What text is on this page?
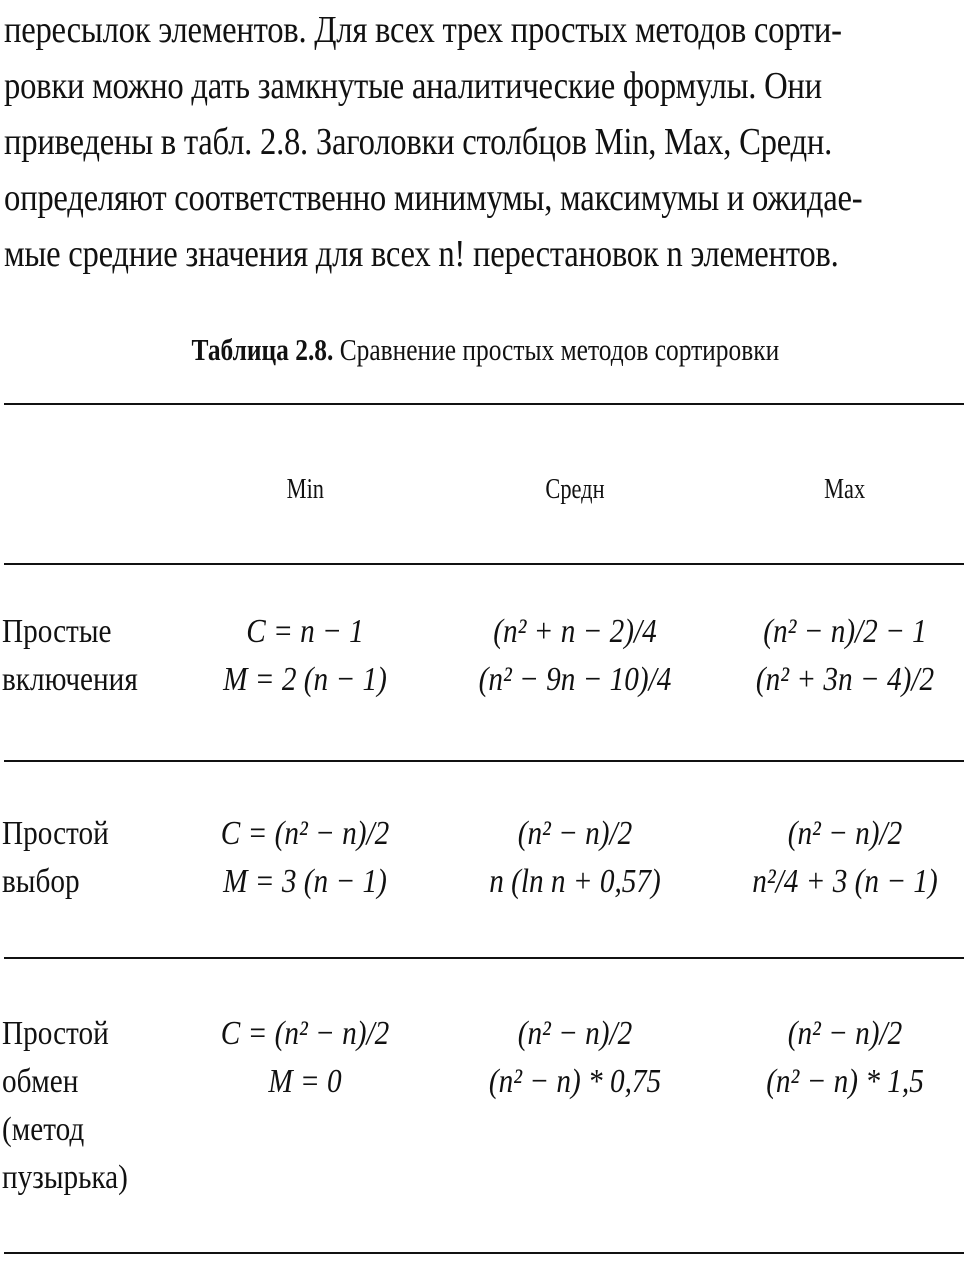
пересылок элементов. Для всех трех простых методов сорти-
ровки можно дать замкнутые аналитические формулы. Они
приведены в табл. 2.8. Заголовки столбцов Min, Max, Средн.
определяют соответственно минимумы, максимумы и ожидае-
мые средние значения для всех n! перестановок n элементов.
Таблица 2.8. Сравнение простых методов сортировки
Min	Средн	Max
Простые
включения
C = n − 1
M = 2 (n − 1)
(n² + n − 2)/4
(n² − 9n − 10)/4
(n² − n)/2 − 1
(n² + 3n − 4)/2
Простой
выбор
C = (n² − n)/2
M = 3 (n − 1)
(n² − n)/2
n (ln n + 0,57)
(n² − n)/2
n²/4 + 3 (n − 1)
Простой
обмен
(метод
пузырька)
C = (n² − n)/2
M = 0
(n² − n)/2
(n² − n) * 0,75
(n² − n)/2
(n² − n) * 1,5
